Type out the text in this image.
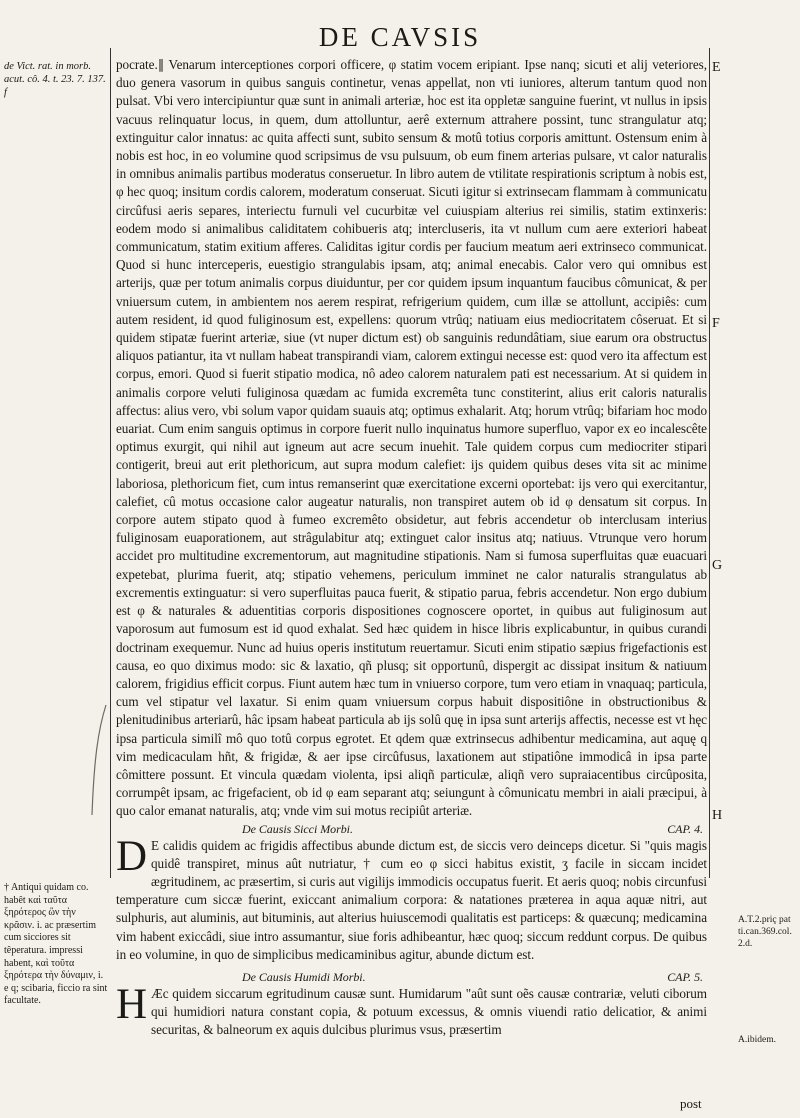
DE CAVSIS
de Vict. rat. in morb. acut. cô. 4. t. 23. 7. 137. f

pocrate.∥ Venarum interceptiones corpori officere, φ statim vocem eripiant. Ipse nanq; sicuti et alij veteriores, duo genera vasorum in quibus sanguis continetur, venas appellat, non vti iuniores, alterum tantum quod non pulsat. Vbi vero intercipiuntur quæ sunt in animali arteriæ, hoc est ita oppletæ sanguine fuerint, vt nullus in ipsis vacuus relinquatur locus, in quem, dum attolluntur, aerê externum attrahere possint, tunc strangulatur atq; extinguitur calor innatus: ac quita affecti sunt, subito sensum & motû totius corporis amittunt. Ostensum enim à nobis est hoc, in eo volumine quod scripsimus de vsu pulsuum, ob eum finem arterias pulsare, vt calor naturalis in omnibus animalis partibus moderatus conseruetur. In libro autem de vtilitate respirationis scriptum à nobis est, φ hec quoq; insitum cordis calorem, moderatum conseruat. Sicuti igitur si extrinsecam flammam à communicatu circûfusi aeris separes, interiectu furnuli vel cucurbitæ vel cuiuspiam alterius rei similis, statim extinxeris: eodem modo si animalibus caliditatem cohibueris atq; intercluseris, ita vt nullum cum aere exteriori habeat communicatum, statim exitium afferes. Caliditas igitur cordis per faucium meatum aeri extrinseco communicat. Quod si hunc interceperis, euestigio strangulabis ipsam, atq; animal enecabis. Calor vero qui omnibus est arterijs, quæ per totum animalis corpus diuiduntur, per cor quidem ipsum inquantum faucibus cômunicat, & per vniuersum cutem, in ambientem nos aerem respirat, refrigerium quidem, cum illæ se attollunt, accipiês: cum autem resident, id quod fuliginosum est, expellens: quorum vtrûq; natiuam eius mediocritatem côseruat. Et si quidem stipatæ fuerint arteriæ, siue (vt nuper dictum est) ob sanguinis redundâtiam, siue earum ora obstructus aliquos patiantur, ita vt nullam habeat transpirandi viam, calorem extingui necesse est: quod vero ita affectum est corpus, emori. Quod si fuerit stipatio modica, nô adeo calorem naturalem pati est necessarium. At si quidem in animalis corpore veluti fuliginosa quædam ac fumida excremêta tunc constiterint, alius erit caloris naturalis affectus: alius vero, vbi solum vapor quidam suauis atq; optimus exhalarit. Atq; horum vtrûq; bifariam hoc modo euariat. Cum enim sanguis optimus in corpore fuerit nullo inquinatus humore superfluo, vapor ex eo incalescête optimus exurgit, qui nihil aut igneum aut acre secum inuehit. Tale quidem corpus cum mediocriter stipari contigerit, breui aut erit plethoricum, aut supra modum calefiet: ijs quidem quibus deses vita sit ac minime laboriosa, plethoricum fiet, cum intus remanserint quæ exercitatione excerni oportebat: ijs vero qui exercitantur, calefiet, cû motus occasione calor augeatur naturalis, non transpiret autem ob id φ densatum sit corpus. In corpore autem stipato quod à fumeo excremêto obsidetur, aut febris accendetur ob interclusam interius fuliginosam euaporationem, aut strâgulabitur atq; extinguet calor insitus atq; natiuus. Vtrunque vero horum accidet pro multitudine excrementorum, aut magnitudine stipationis. Nam si fumosa superfluitas quæ euacuari expetebat, plurima fuerit, atq; stipatio vehemens, periculum imminet ne calor naturalis strangulatus ab excrementis extinguatur: si vero superfluitas pauca fuerit, & stipatio parua, febris accendetur. Non ergo dubium est φ & naturales & aduentitias corporis dispositiones cognoscere oportet, in quibus aut fuliginosum aut vaporosum aut fumosum est id quod exhalat. Sed hæc quidem in hisce libris explicabuntur, in quibus curandi doctrinam exequemur. Nunc ad huius operis institutum reuertamur. Sicuti enim stipatio sæpius frigefactionis est causa, eo quo diximus modo: sic & laxatio, qñ plusq; sit opportunû, dispergit ac dissipat insitum & natiuum calorem, frigidius efficit corpus. Fiunt autem hæc tum in vniuerso corpore, tum vero etiam in vnaquaq; particula, cum vel stipatur vel laxatur. Si enim quam vniuersum corpus habuit dispositiône in obstructionibus & plenitudinibus arteriarû, hâc ipsam habeat particula ab ijs solû quę in ipsa sunt arterijs affectis, necesse est vt hęc ipsa particula similî mô quo totû corpus egrotet. Et qdem quæ extrinsecus adhibentur medicamina, aut aquę q vim medicaculam hñt, & frigidæ, & aer ipse circûfusus, laxationem aut stipatiône immodicâ in ipsa parte cômittere possunt. Et vincula quædam violenta, ipsi aliqñ particulæ, aliqñ vero supraiacentibus circûposita, corrumpêt ipsam, ac frigefacient, ob id φ eam separant atq; seiungunt à cômunicatu membri in aiali præcipui, à quo calor emanat naturalis, atq; vnde vim sui motus recipiût arteriæ.

De Causis Sicci Morbi.	CAP. 4.

D E calidis quidem ac frigidis affectibus abunde dictum est, de siccis vero deinceps dicetur. Si "quis magis quidê transpiret, minus aût nutriatur, † cum eo φ sicci habitus existit, ʒ facile in siccam incidet ægritudinem, ac præsertim, si curis aut vigilijs immodicis occupatus fuerit. Et aeris quoq; nobis circunfusi temperature cum siccæ fuerint, exiccant animalium corpora: & natationes præterea in aqua aquæ nitri, aut sulphuris, aut aluminis, aut bituminis, aut alterius huiuscemodi qualitatis est particeps: & quæcunq; medicamina vim habent exiccâdi, siue intro assumantur, siue foris adhibeantur, hæc quoq; siccum reddunt corpus. De quibus in eo volumine, in quo de simplicibus medicaminibus agitur, abunde dictum est.

De Causis Humidi Morbi.	CAP. 5.

H Æc quidem siccarum egritudinum causæ sunt. Humidarum "aût sunt oẽs causæ contrariæ, veluti ciborum qui humidiori natura constant copia, & potuum excessus, & omnis viuendi ratio delicatior, & animi securitas, & balneorum ex aquis dulcibus plurimus vsus, præsertim

E
F
G
H

† Antiqui quidam co. habêt καὶ ταῦτα ξηρότερος ὢν τὴν κρᾶσιν. i. ac præsertim cum sicciores sit têperatura. impressi habent, καὶ τοῦτα ξηρότερα τὴν δύναμιν, i. e q; scibaria, ficcio ra sint facultate.
A.T.2.priç pat ti.can.369.col. 2.d.
A.ibidem.
post
